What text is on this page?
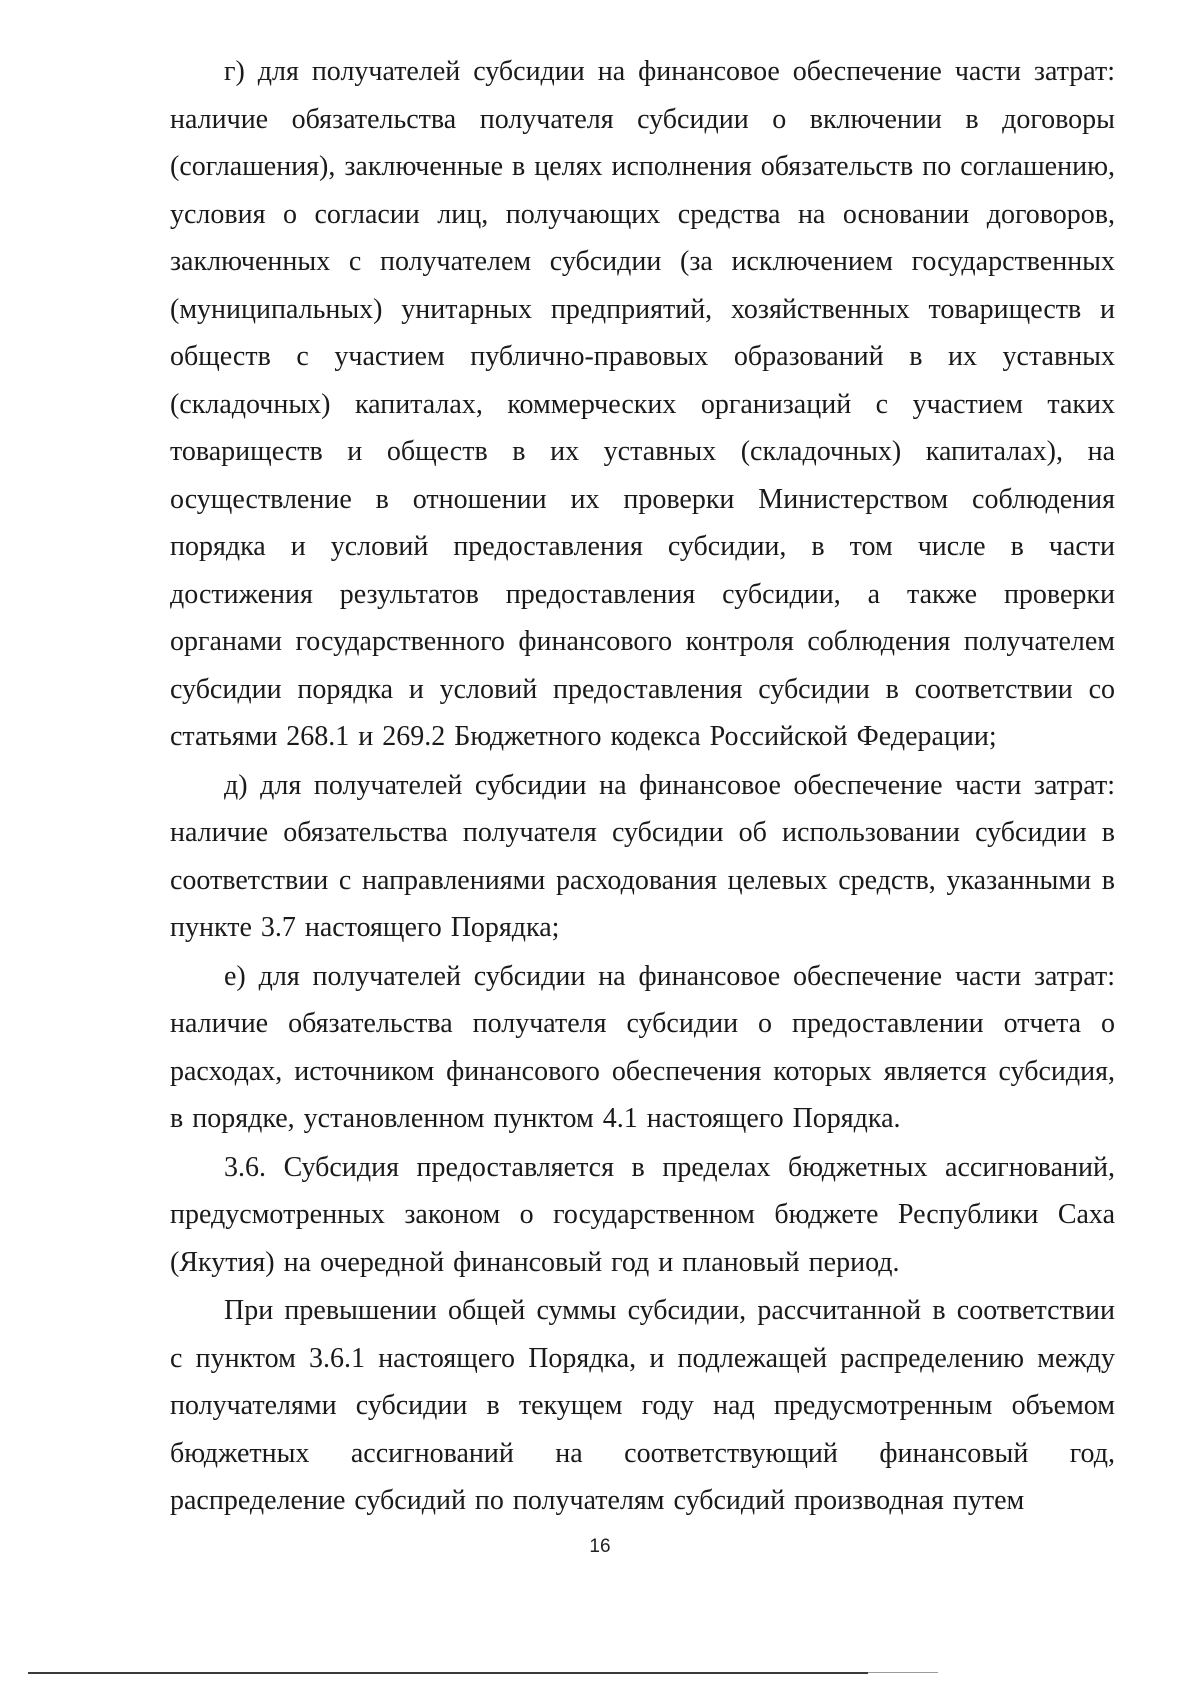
г) для получателей субсидии на финансовое обеспечение части затрат: наличие обязательства получателя субсидии о включении в договоры (соглашения), заключенные в целях исполнения обязательств по соглашению, условия о согласии лиц, получающих средства на основании договоров, заключенных с получателем субсидии (за исключением государственных (муниципальных) унитарных предприятий, хозяйственных товариществ и обществ с участием публично-правовых образований в их уставных (складочных) капиталах, коммерческих организаций с участием таких товариществ и обществ в их уставных (складочных) капиталах), на осуществление в отношении их проверки Министерством соблюдения порядка и условий предоставления субсидии, в том числе в части достижения результатов предоставления субсидии, а также проверки органами государственного финансового контроля соблюдения получателем субсидии порядка и условий предоставления субсидии в соответствии со статьями 268.1 и 269.2 Бюджетного кодекса Российской Федерации;

д) для получателей субсидии на финансовое обеспечение части затрат: наличие обязательства получателя субсидии об использовании субсидии в соответствии с направлениями расходования целевых средств, указанными в пункте 3.7 настоящего Порядка;

е) для получателей субсидии на финансовое обеспечение части затрат: наличие обязательства получателя субсидии о предоставлении отчета о расходах, источником финансового обеспечения которых является субсидия, в порядке, установленном пунктом 4.1 настоящего Порядка.

3.6. Субсидия предоставляется в пределах бюджетных ассигнований, предусмотренных законом о государственном бюджете Республики Саха (Якутия) на очередной финансовый год и плановый период.

При превышении общей суммы субсидии, рассчитанной в соответствии с пунктом 3.6.1 настоящего Порядка, и подлежащей распределению между получателями субсидии в текущем году над предусмотренным объемом бюджетных ассигнований на соответствующий финансовый год, распределение субсидий по получателям субсидий производная путем

16
